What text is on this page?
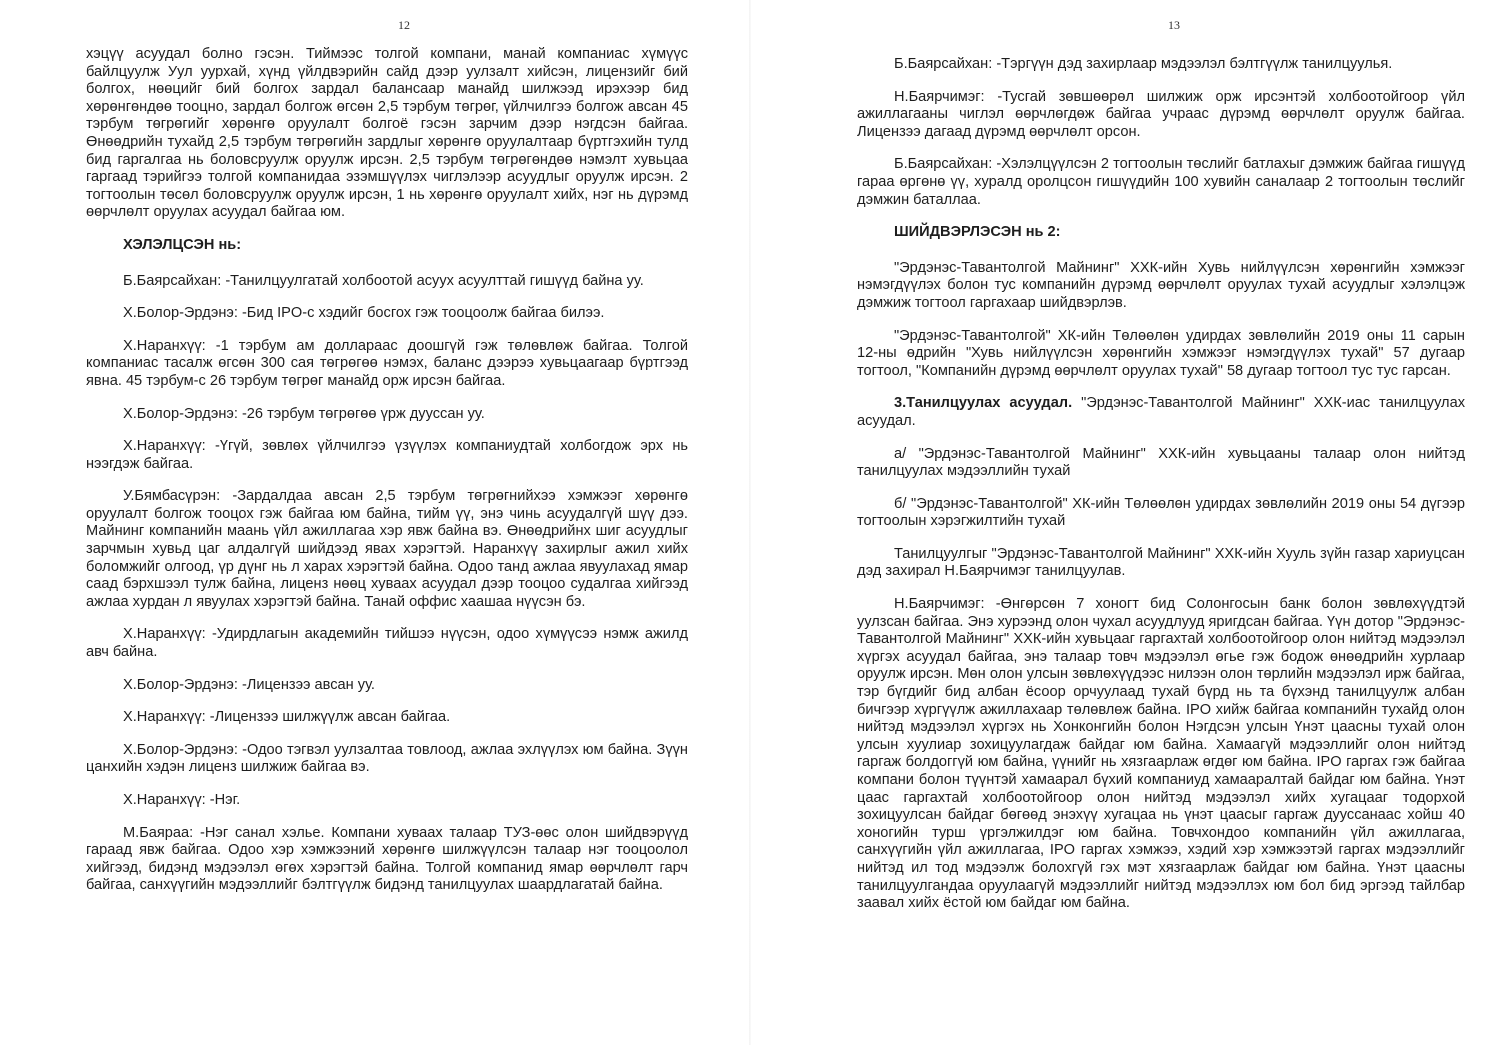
12

хэцүү асуудал болно гэсэн. Тиймээс толгой компани, манай компаниас хүмүүс байлцуулж Уул уурхай, хүнд үйлдвэрийн сайд дээр уулзалт хийсэн, лицензийг бий болгох, нөөцийг бий болгох зардал балансаар манайд шилжээд ирэхээр бид хөрөнгөндөө тооцно, зардал болгож өгсөн 2,5 тэрбум төгрөг, үйлчилгээ болгож авсан 45 тэрбум төгрөгийг хөрөнгө оруулалт болгоё гэсэн зарчим дээр нэгдсэн байгаа. Өнөөдрийн тухайд 2,5 тэрбум төгрөгийн зардлыг хөрөнгө оруулалтаар бүртгэхийн тулд бид гаргалгаа нь боловсруулж оруулж ирсэн. 2,5 тэрбум төгрөгөндөө нэмэлт хувьцаа гаргаад тэрийгээ толгой компанидаа эзэмшүүлэх чиглэлээр асуудлыг оруулж ирсэн. 2 тогтоолын төсөл боловсруулж оруулж ирсэн, 1 нь хөрөнгө оруулалт хийх, нэг нь дүрэмд өөрчлөлт оруулах асуудал байгаа юм.

ХЭЛЭЛЦСЭН нь:

Б.Баярсайхан: -Танилцуулгатай холбоотой асуух асуулттай гишүүд байна уу.

Х.Болор-Эрдэнэ: -Бид IPO-с хэдийг босгох гэж тооцоолж байгаа билээ.

Х.Наранхүү: -1 тэрбум ам доллараас доошгүй гэж төлөвлөж байгаа. Толгой компаниас тасалж өгсөн 300 сая төгрөгөө нэмэх, баланс дээрээ хувьцаагаар бүртгээд явна. 45 тэрбум-с 26 тэрбум төгрөг манайд орж ирсэн байгаа.

Х.Болор-Эрдэнэ: -26 тэрбум төгрөгөө үрж дууссан уу.

Х.Наранхүү: -Үгүй, зөвлөх үйлчилгээ үзүүлэх компаниудтай холбогдож эрх нь нээгдэж байгаа.

У.Бямбасүрэн: -Зардалдаа авсан 2,5 тэрбум төгрөгнийхээ хэмжээг хөрөнгө оруулалт болгож тооцох гэж байгаа юм байна, тийм үү, энэ чинь асуудалгүй шүү дээ. Майнинг компанийн маань үйл ажиллагаа хэр явж байна вэ. Өнөөдрийнх шиг асуудлыг зарчмын хувьд цаг алдалгүй шийдээд явах хэрэгтэй. Наранхүү захирлыг ажил хийх боломжийг олгоод, үр дүнг нь л харах хэрэгтэй байна. Одоо танд ажлаа явуулахад ямар саад бэрхшээл тулж байна, лиценз нөөц хуваах асуудал дээр тооцоо судалгаа хийгээд ажлаа хурдан л явуулах хэрэгтэй байна. Танай оффис хаашаа нүүсэн бэ.

Х.Наранхүү: -Удирдлагын академийн тийшээ нүүсэн, одоо хүмүүсээ нэмж ажилд авч байна.

Х.Болор-Эрдэнэ: -Лицензээ авсан уу.

Х.Наранхүү: -Лицензээ шилжүүлж авсан байгаа.

Х.Болор-Эрдэнэ: -Одоо тэгвэл уулзалтаа товлоод, ажлаа эхлүүлэх юм байна. Зүүн цанхийн хэдэн лиценз шилжиж байгаа вэ.

Х.Наранхүү: -Нэг.

М.Баяраа: -Нэг санал хэлье. Компани хуваах талаар ТУЗ-өөс олон шийдвэрүүд гараад явж байгаа. Одоо хэр хэмжээний хөрөнгө шилжүүлсэн талаар нэг тооцоолол хийгээд, бидэнд мэдээлэл өгөх хэрэгтэй байна. Толгой компанид ямар өөрчлөлт гарч байгаа, санхүүгийн мэдээллийг бэлтгүүлж бидэнд танилцуулах шаардлагатай байна.

13

Б.Баярсайхан: -Тэргүүн дэд захирлаар мэдээлэл бэлтгүүлж танилцуулья.

Н.Баярчимэг: -Тусгай зөвшөөрөл шилжиж орж ирсэнтэй холбоотойгоор үйл ажиллагааны чиглэл өөрчлөгдөж байгаа учраас дүрэмд өөрчлөлт оруулж байгаа. Лицензээ дагаад дүрэмд өөрчлөлт орсон.

Б.Баярсайхан: -Хэлэлцүүлсэн 2 тогтоолын төслийг батлахыг дэмжиж байгаа гишүүд гараа өргөнө үү, хуралд оролцсон гишүүдийн 100 хувийн саналаар 2 тогтоолын төслийг дэмжин баталлаа.

ШИЙДВЭРЛЭСЭН нь 2:

"Эрдэнэс-Тавантолгой Майнинг" ХХК-ийн Хувь нийлүүлсэн хөрөнгийн хэмжээг нэмэгдүүлэх болон тус компанийн дүрэмд өөрчлөлт оруулах тухай асуудлыг хэлэлцэж дэмжиж тогтоол гаргахаар шийдвэрлэв.

"Эрдэнэс-Тавантолгой" ХК-ийн Төлөөлөн удирдах зөвлөлийн 2019 оны 11 сарын 12-ны өдрийн "Хувь нийлүүлсэн хөрөнгийн хэмжээг нэмэгдүүлэх тухай" 57 дугаар тогтоол, "Компанийн дүрэмд өөрчлөлт оруулах тухай" 58 дугаар тогтоол тус тус гарсан.

3.Танилцуулах асуудал. "Эрдэнэс-Тавантолгой Майнинг" ХХК-иас танилцуулах асуудал.

а/ "Эрдэнэс-Тавантолгой Майнинг" ХХК-ийн хувьцааны талаар олон нийтэд танилцуулах мэдээллийн тухай

б/ "Эрдэнэс-Тавантолгой" ХК-ийн Төлөөлөн удирдах зөвлөлийн 2019 оны 54 дүгээр тогтоолын хэрэгжилтийн тухай

Танилцуулгыг "Эрдэнэс-Тавантолгой Майнинг" ХХК-ийн Хууль зүйн газар хариуцсан дэд захирал Н.Баярчимэг танилцуулав.

Н.Баярчимэг: -Өнгөрсөн 7 хоногт бид Солонгосын банк болон зөвлөхүүдтэй уулзсан байгаа. Энэ хурээнд олон чухал асуудлууд яригдсан байгаа. Үүн дотор "Эрдэнэс-Тавантолгой Майнинг" ХХК-ийн хувьцааг гаргахтай холбоотойгоор олон нийтэд мэдээлэл хүргэх асуудал байгаа, энэ талаар товч мэдээлэл өгье гэж бодож өнөөдрийн хурлаар оруулж ирсэн. Мөн олон улсын зөвлөхүүдээс нилээн олон төрлийн мэдээлэл ирж байгаа, тэр бүгдийг бид албан ёсоор орчуулаад тухай бүрд нь та бүхэнд танилцуулж албан бичгээр хүргүүлж ажиллахаар төлөвлөж байна. IPO хийж байгаа компанийн тухайд олон нийтэд мэдээлэл хүргэх нь Хонконгийн болон Нэгдсэн улсын Үнэт цаасны тухай олон улсын хуулиар зохицуулагдаж байдаг юм байна. Хамаагүй мэдээллийг олон нийтэд гаргаж болдоггүй юм байна, үүнийг нь хязгаарлаж өгдөг юм байна. IPO гаргах гэж байгаа компани болон түүнтэй хамаарал бүхий компаниуд хамааралтай байдаг юм байна. Үнэт цаас гаргахтай холбоотойгоор олон нийтэд мэдээлэл хийх хугацааг тодорхой зохицуулсан байдаг бөгөөд энэхүү хугацаа нь үнэт цаасыг гаргаж дууссанаас хойш 40 хоногийн турш үргэлжилдэг юм байна. Товчхондоо компанийн үйл ажиллагаа, санхүүгийн үйл ажиллагаа, IPO гаргах хэмжээ, хэдий хэр хэмжээтэй гаргах мэдээллийг нийтэд ил тод мэдээлж болохгүй гэх мэт хязгаарлаж байдаг юм байна. Үнэт цаасны танилцуулгандаа оруулаагүй мэдээллийг нийтэд мэдээллэх юм бол бид эргээд тайлбар заавал хийх ёстой юм байдаг юм байна.
